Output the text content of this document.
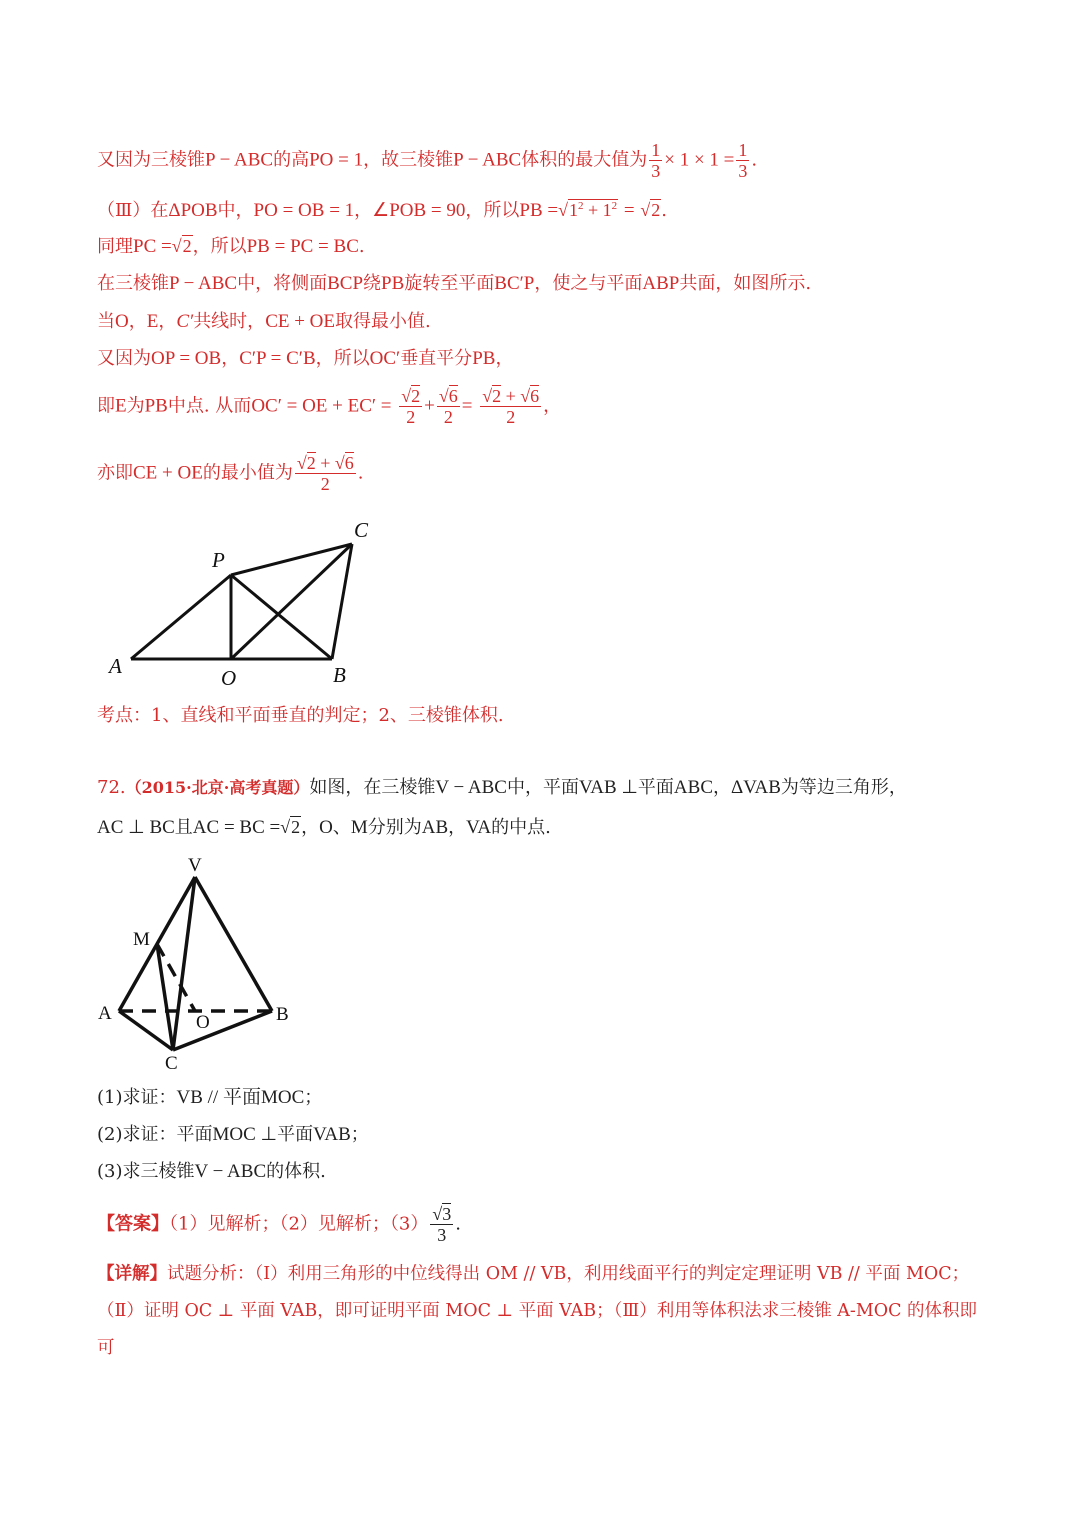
又因为三棱锥P − ABC的高PO = 1，故三棱锥P − ABC体积的最大值为 $\frac{1}{3} \times 1 \times 1 = \frac{1}{3}$ .
（Ⅲ）在ΔPOB中，PO = OB = 1，∠POB = 90，所以PB $=√1^2 + 1^2 = √2$.
同理PC =√2，所以PB = PC = BC.
在三棱锥P − ABC中，将侧面BCP绕PB旋转至平面BC′P，使之与平面ABP共面，如图所示.
当O，E，C′共线时，CE + OE取得最小值.
又因为OP = OB，C′P = C′B，所以OC′垂直平分PB，
即E为PB中点. 从而OC′ = OE + $EC' = \frac{√2}{2} + \frac{√6}{2} = \frac{√2 + √6}{2}$ ，
亦即CE + OE的最小值为 $\frac{√2 + √6}{2}$ .
P
C
A	O	B
考点：1、直线和平面垂直的判定；2、三棱锥体积.
72.（2015·北京·高考真题）如图，在三棱锥V − ABC中，平面VAB ⊥平面ABC，ΔVAB为等边三角形，
AC ⊥ BC且AC = BC =√2，O、M分别为AB，VA的中点.
V
M
A	O	B
C
(1)求证：VB // 平面MOC；
(2)求证：平面MOC ⊥平面VAB；
(3)求三棱锥V − ABC的体积.
【答案】（1）见解析；（2）见解析；$(3) \frac{√3}{3}$ .
【详解】试题分析：（Ⅰ）利用三角形的中位线得出 OM // VB，利用线面平行的判定定理证明 VB // 平面 MOC；
（Ⅱ）证明 OC ⊥ 平面 VAB，即可证明平面 MOC ⊥ 平面 VAB；（Ⅲ）利用等体积法求三棱锥 A-MOC 的体积即
可
